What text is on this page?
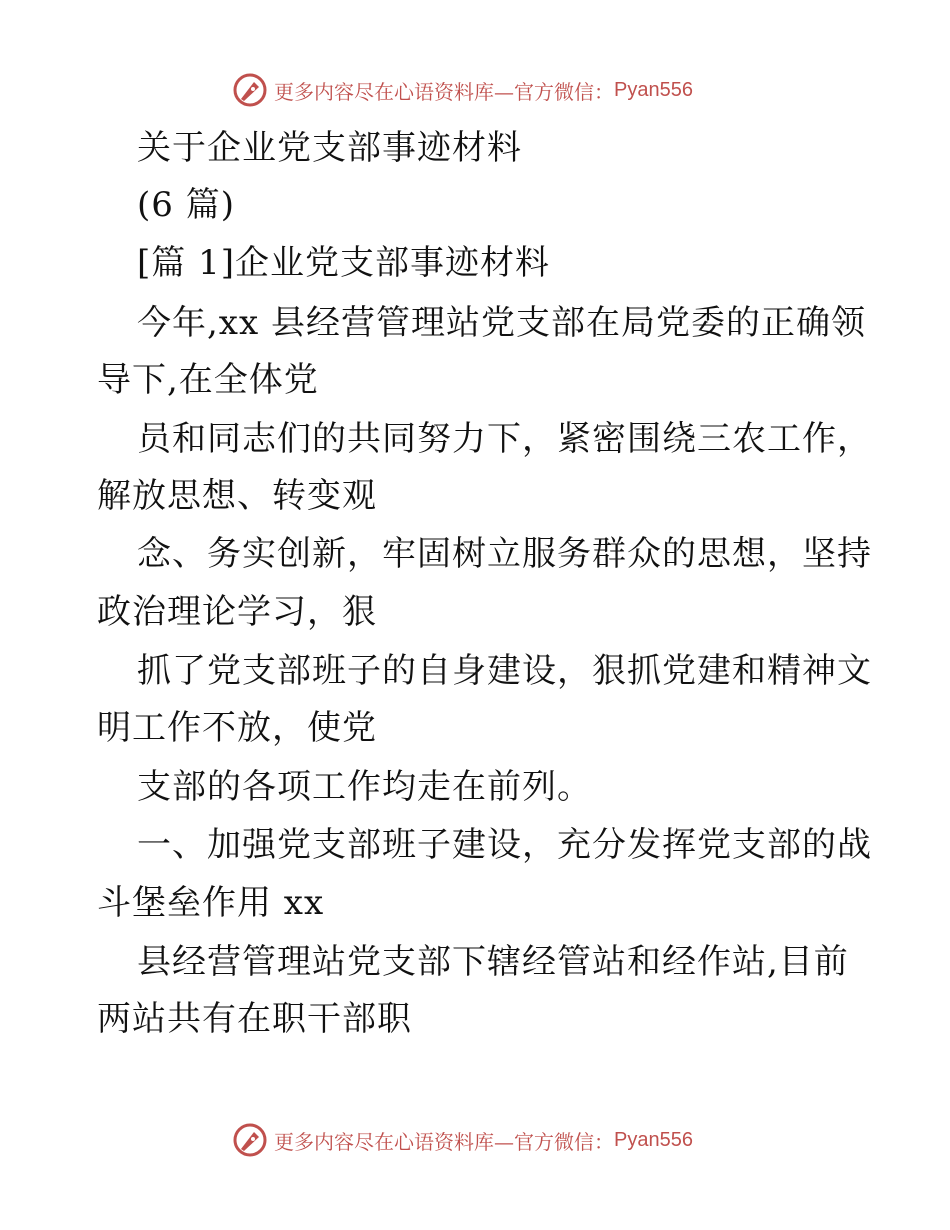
更多内容尽在心语资料库—官方微信： Pyan556
关于企业党支部事迹材料
(6 篇)
[篇 1]企业党支部事迹材料
今年,xx 县经营管理站党支部在局党委的正确领
导下,在全体党
员和同志们的共同努力下，紧密围绕三农工作，
解放思想、转变观
念、务实创新，牢固树立服务群众的思想，坚持
政治理论学习，狠
抓了党支部班子的自身建设，狠抓党建和精神文
明工作不放，使党
支部的各项工作均走在前列。
一、加强党支部班子建设，充分发挥党支部的战
斗堡垒作用 xx
县经营管理站党支部下辖经管站和经作站,目前
两站共有在职干部职
更多内容尽在心语资料库—官方微信： Pyan556
